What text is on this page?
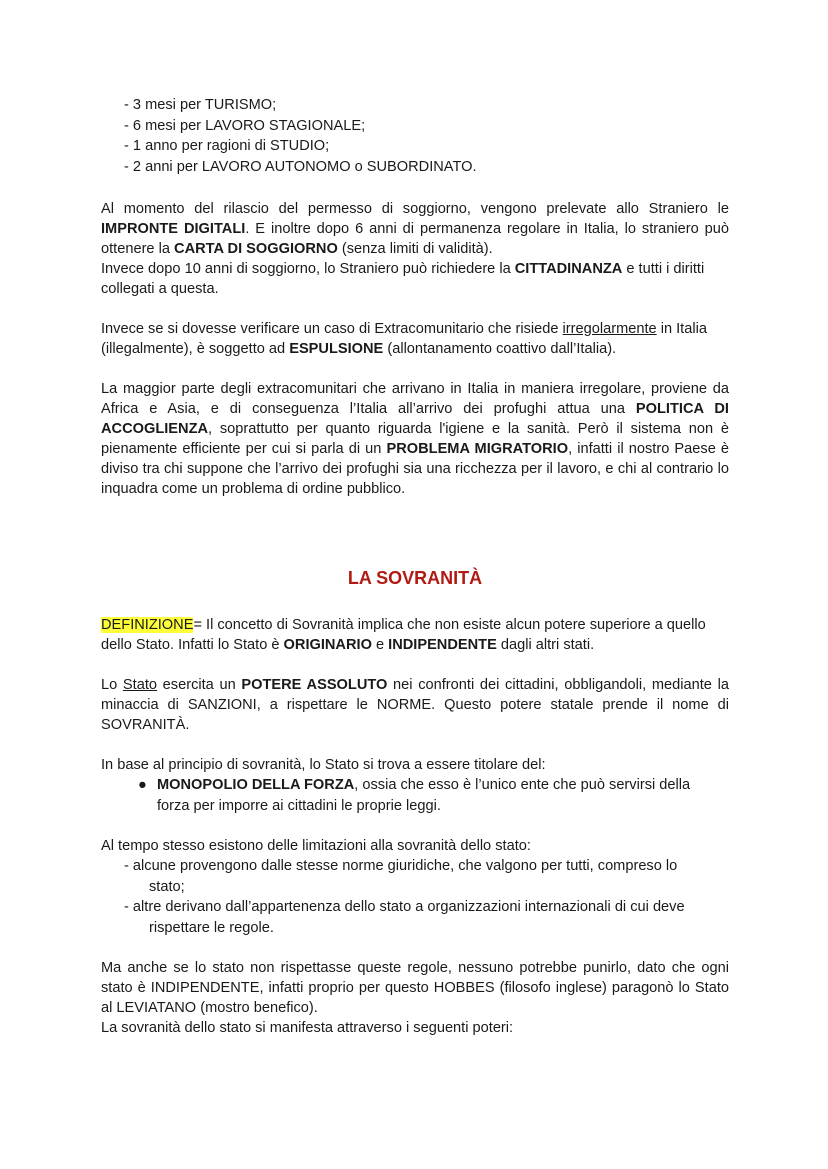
- 3 mesi per TURISMO;
- 6 mesi per LAVORO STAGIONALE;
- 1 anno per ragioni di STUDIO;
- 2 anni per LAVORO AUTONOMO o SUBORDINATO.

Al momento del rilascio del permesso di soggiorno, vengono prelevate allo Straniero le IMPRONTE DIGITALI. E inoltre dopo 6 anni di permanenza regolare in Italia, lo straniero può ottenere la CARTA DI SOGGIORNO (senza limiti di validità).

Invece dopo 10 anni di soggiorno, lo Straniero può richiedere la CITTADINANZA e tutti i diritti collegati a questa.

Invece se si dovesse verificare un caso di Extracomunitario che risiede irregolarmente in Italia (illegalmente), è soggetto ad ESPULSIONE (allontanamento coattivo dall’Italia).

La maggior parte degli extracomunitari che arrivano in Italia in maniera irregolare, proviene da Africa e Asia, e di conseguenza l’Italia all’arrivo dei profughi attua una POLITICA DI ACCOGLIENZA, soprattutto per quanto riguarda l'igiene e la sanità. Però il sistema non è pienamente efficiente per cui si parla di un PROBLEMA MIGRATORIO, infatti il nostro Paese è diviso tra chi suppone che l’arrivo dei profughi sia una ricchezza per il lavoro, e chi al contrario lo inquadra come un problema di ordine pubblico.

LA SOVRANITÀ

DEFINIZIONE= Il concetto di Sovranità implica che non esiste alcun potere superiore a quello dello Stato. Infatti lo Stato è ORIGINARIO e INDIPENDENTE dagli altri stati.

Lo Stato esercita un POTERE ASSOLUTO nei confronti dei cittadini, obbligandoli, mediante la minaccia di SANZIONI, a rispettare le NORME. Questo potere statale prende il nome di SOVRANITÀ.

In base al principio di sovranità, lo Stato si trova a essere titolare del:

● MONOPOLIO DELLA FORZA, ossia che esso è l’unico ente che può servirsi della
forza per imporre ai cittadini le proprie leggi.

Al tempo stesso esistono delle limitazioni alla sovranità dello stato:

- alcune provengono dalle stesse norme giuridiche, che valgono per tutti, compreso lo
stato;
- altre derivano dall’appartenenza dello stato a organizzazioni internazionali di cui deve
rispettare le regole.

Ma anche se lo stato non rispettasse queste regole, nessuno potrebbe punirlo, dato che ogni stato è INDIPENDENTE, infatti proprio per questo HOBBES (filosofo inglese) paragonò lo Stato al LEVIATANO (mostro benefico).

La sovranità dello stato si manifesta attraverso i seguenti poteri:
